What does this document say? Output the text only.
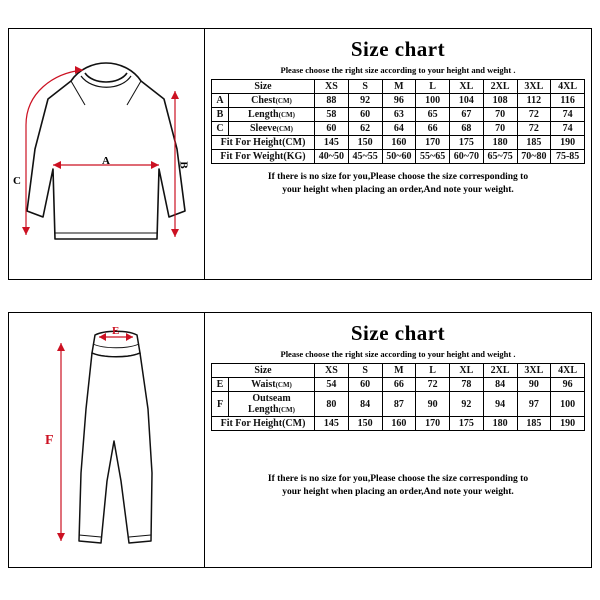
A	B
C
Size chart
Please choose the right size according to your height and weight .
Size		XS	S	M	L	XL	2XL	3XL	4XL
A	Chest(CM)	88	92	96	100	104	108	112	116
B	Length(CM)	58	60	63	65	67	70	72	74
C	Sleeve(CM)	60	62	64	66	68	70	72	74
Fit For Height(CM)		145	150	160	170	175	180	185	190
Fit For Weight(KG)		40~50	45~55	50~60	55~65	60~70	65~75	70~80	75-85
If there is no size for you,Please choose the size corresponding to
your height when placing an order,And note your weight.
E
F
Size chart
Please choose the right size according to your height and weight .
Size		XS	S	M	L	XL	2XL	3XL	4XL
E	Waist(CM)	54	60	66	72	78	84	90	96
F	Outseam Length(CM)	80	84	87	90	92	94	97	100
Fit For Height(CM)		145	150	160	170	175	180	185	190
If there is no size for you,Please choose the size corresponding to
your height when placing an order,And note your weight.
